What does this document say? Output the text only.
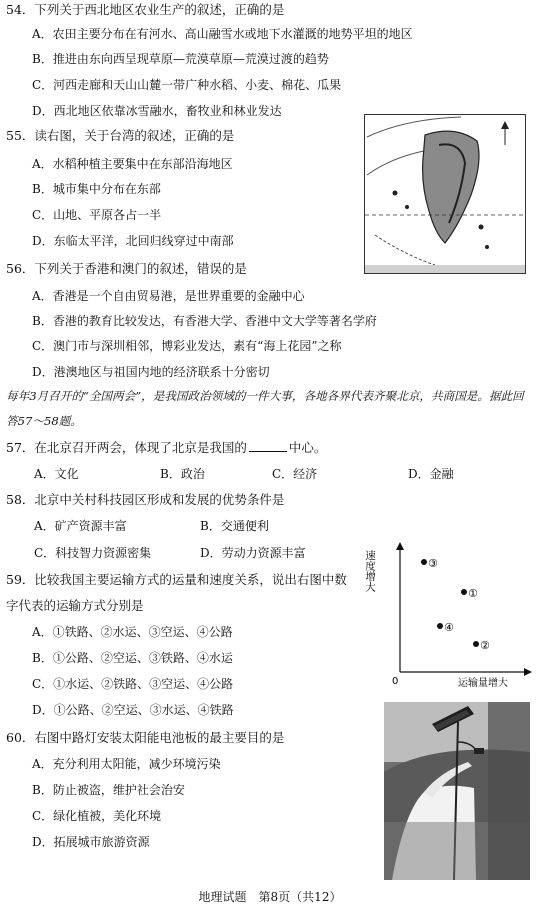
54．下列关于西北地区农业生产的叙述，正确的是
A．农田主要分布在有河水、高山融雪水或地下水灌溉的地势平坦的地区
B．推进由东向西呈现草原—荒漠草原—荒漠过渡的趋势
C．河西走廊和天山山麓一带广种水稻、小麦、棉花、瓜果
D．西北地区依靠冰雪融水，畜牧业和林业发达
55．读右图，关于台湾的叙述，正确的是
A．水稻种植主要集中在东部沿海地区
B．城市集中分布在东部
C．山地、平原各占一半
D．东临太平洋，北回归线穿过中南部
56．下列关于香港和澳门的叙述，错误的是
A．香港是一个自由贸易港，是世界重要的金融中心
B．香港的教育比较发达，有香港大学、香港中文大学等著名学府
C．澳门市与深圳相邻，博彩业发达，素有“海上花园”之称
D．港澳地区与祖国内地的经济联系十分密切
每年3月召开的“全国两会”，是我国政治领域的一件大事，各地各界代表齐聚北京，共商国是。据此回答57～58题。
57．在北京召开两会，体现了北京是我国的	中心。
A．文化	B．政治	C．经济	D．金融
58．北京中关村科技园区形成和发展的优势条件是
A．矿产资源丰富	B．交通便利
C．科技智力资源密集	D．劳动力资源丰富
59．比较我国主要运输方式的运量和速度关系，说出右图中数
字代表的运输方式分别是
A．①铁路、②水运、③空运、④公路
B．①公路、②空运、③铁路、④水运
C．①水运、②铁路、③空运、④公路
D．①公路、②空运、③水运、④铁路
速度增大
运输量增大
0
③
①
④
②
60．右图中路灯安装太阳能电池板的最主要目的是
A．充分利用太阳能，减少环境污染
B．防止被盗，维护社会治安
C．绿化植被，美化环境
D．拓展城市旅游资源
地理试题　第8页（共12）
